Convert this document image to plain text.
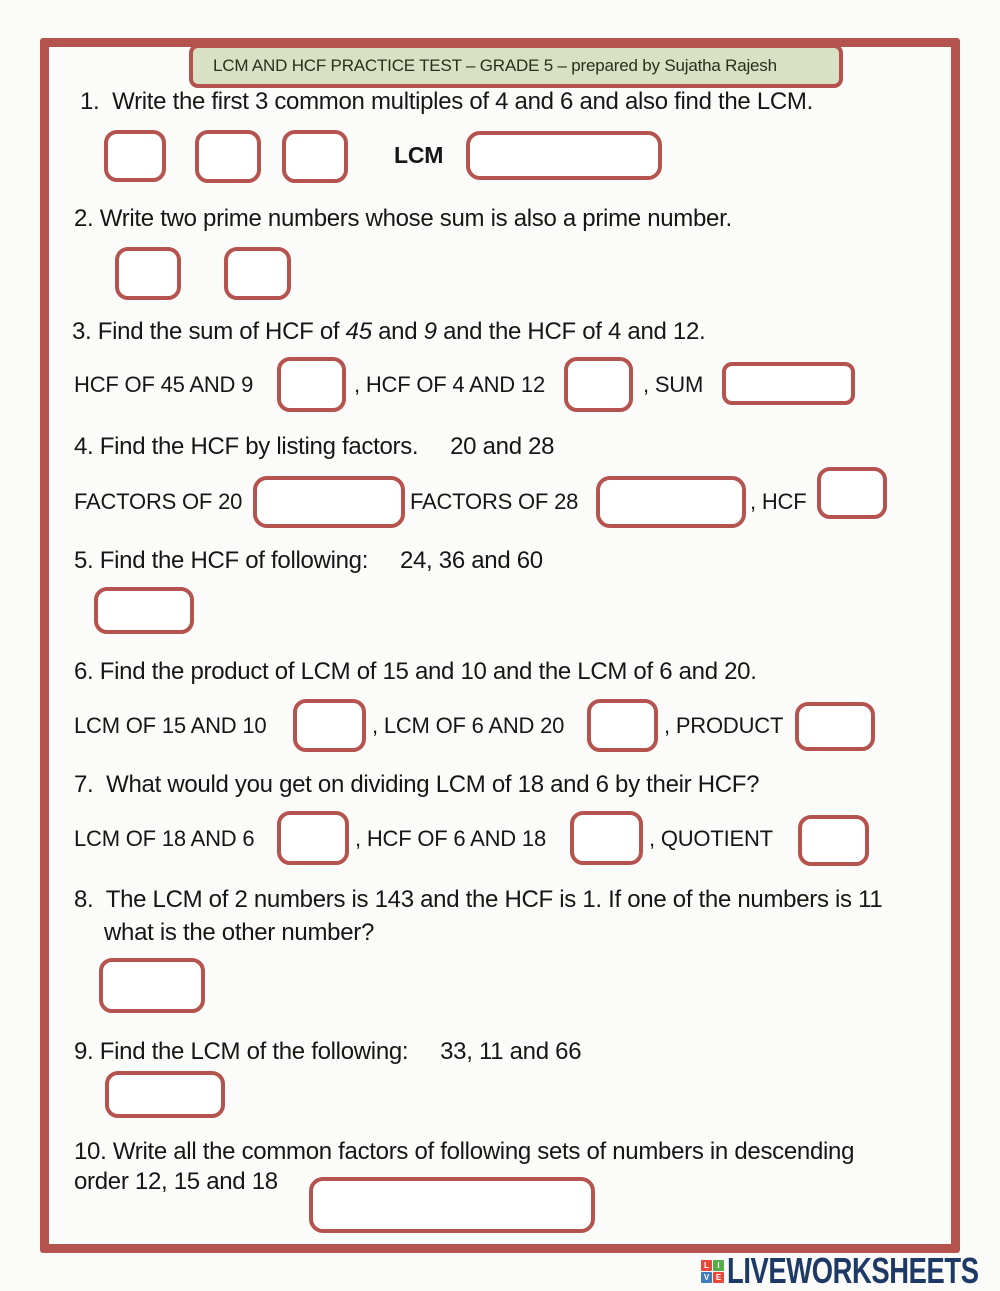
LCM AND HCF PRACTICE TEST – GRADE 5 – prepared by Sujatha Rajesh
1.  Write the first 3 common multiples of 4 and 6 and also find the LCM.
LCM
2. Write two prime numbers whose sum is also a prime number.
3. Find the sum of HCF of 45 and 9 and the HCF of 4 and 12.
HCF OF 45 AND 9	, HCF OF 4 AND 12	, SUM
4. Find the HCF by listing factors.     20 and 28
FACTORS OF 20	FACTORS OF 28	, HCF
5. Find the HCF of following:     24, 36 and 60
6. Find the product of LCM of 15 and 10 and the LCM of 6 and 20.
LCM OF 15 AND 10	, LCM OF 6 AND 20	, PRODUCT
7.  What would you get on dividing LCM of 18 and 6 by their HCF?
LCM OF 18 AND 6	, HCF OF 6 AND 18	, QUOTIENT
8.  The LCM of 2 numbers is 143 and the HCF is 1. If one of the numbers is 11
what is the other number?
9. Find the LCM of the following:     33, 11 and 66
10. Write all the common factors of following sets of numbers in descending
order 12, 15 and 18
L	I
V E LIVEWORKSHEETS
